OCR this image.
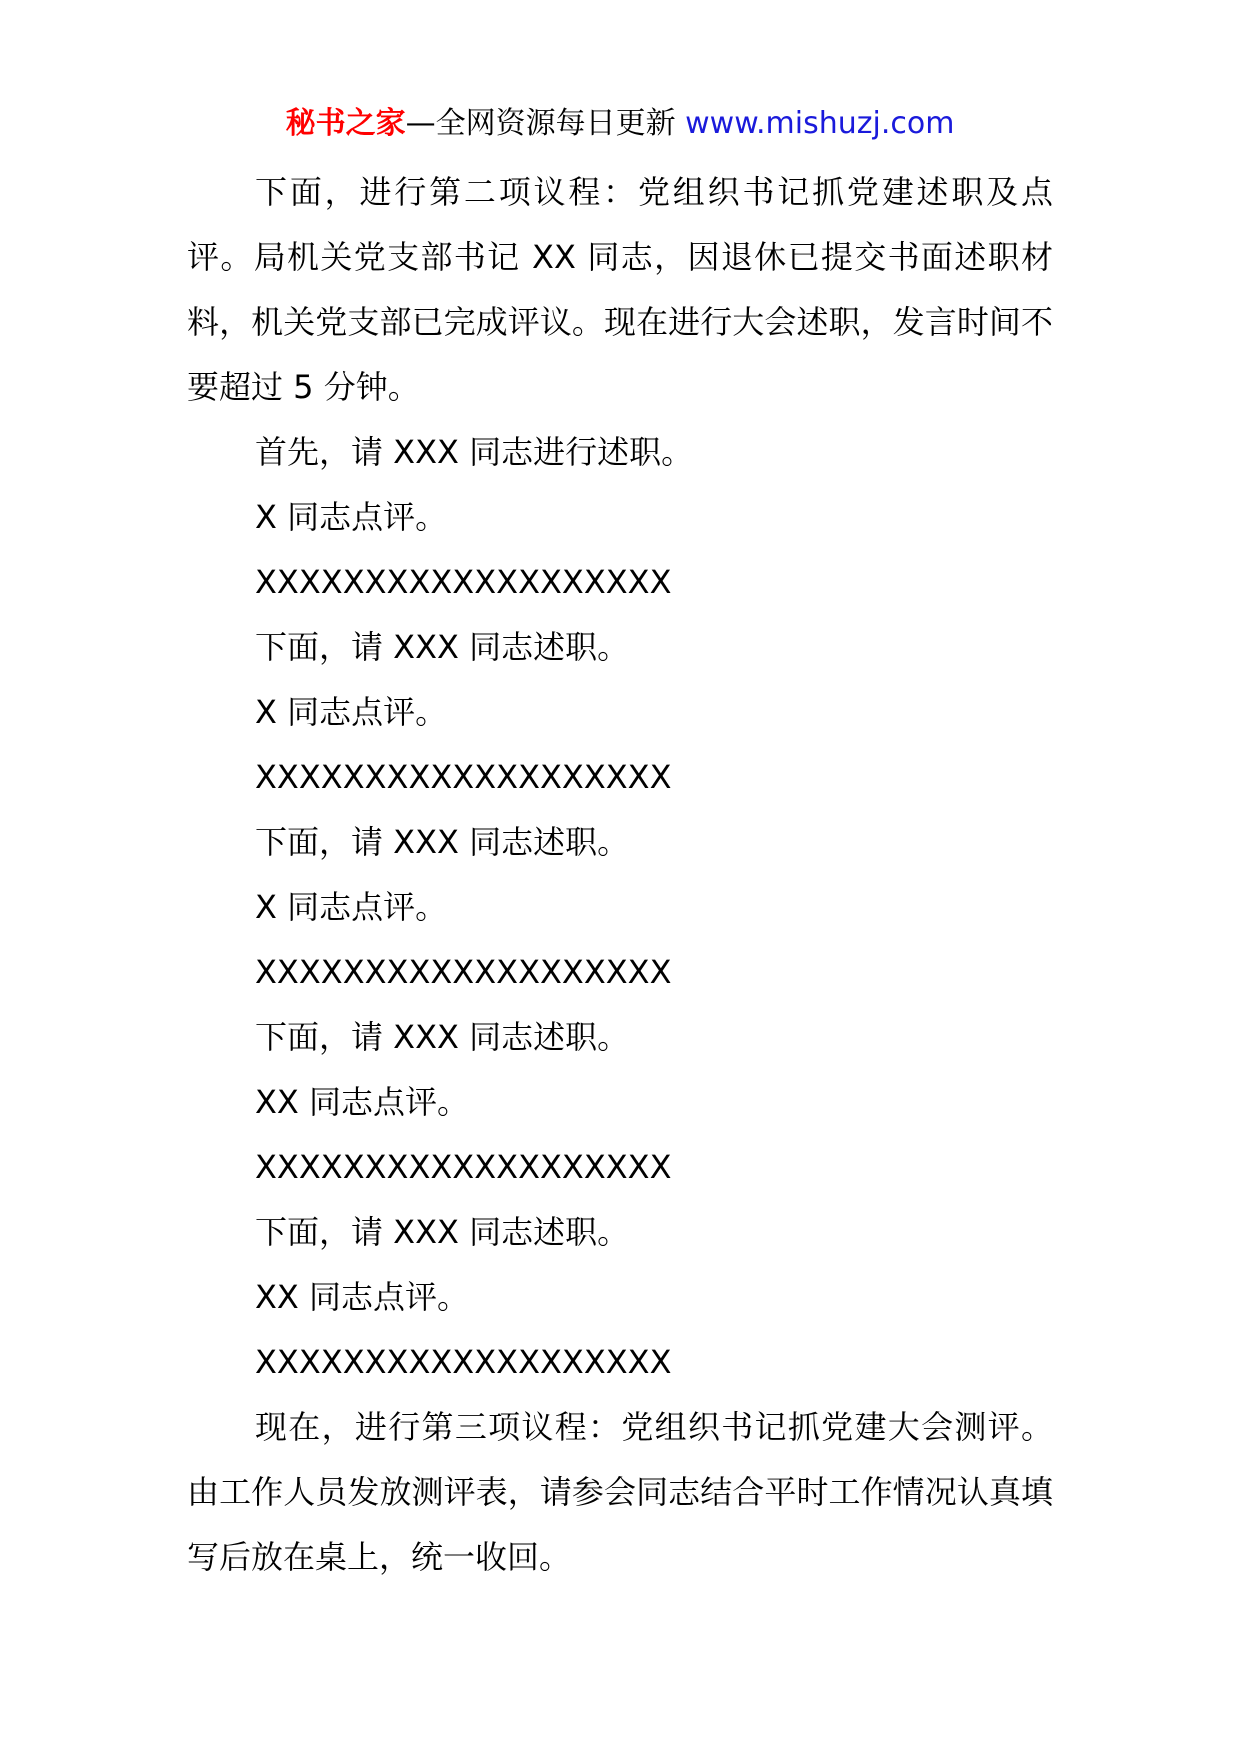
秘书之家—全网资源每日更新 www.mishuzj.com

下面，进行第二项议程：党组织书记抓党建述职及点评。局机关党支部书记 XX 同志，因退休已提交书面述职材料，机关党支部已完成评议。现在进行大会述职，发言时间不要超过 5 分钟。

首先，请 XXX 同志进行述职。

X 同志点评。

XXXXXXXXXXXXXXXXXXX

下面，请 XXX 同志述职。

X 同志点评。

XXXXXXXXXXXXXXXXXXX

下面，请 XXX 同志述职。

X 同志点评。

XXXXXXXXXXXXXXXXXXX

下面，请 XXX 同志述职。

XX 同志点评。

XXXXXXXXXXXXXXXXXXX

下面，请 XXX 同志述职。

XX 同志点评。

XXXXXXXXXXXXXXXXXXX

现在，进行第三项议程：党组织书记抓党建大会测评。由工作人员发放测评表，请参会同志结合平时工作情况认真填写后放在桌上，统一收回。
